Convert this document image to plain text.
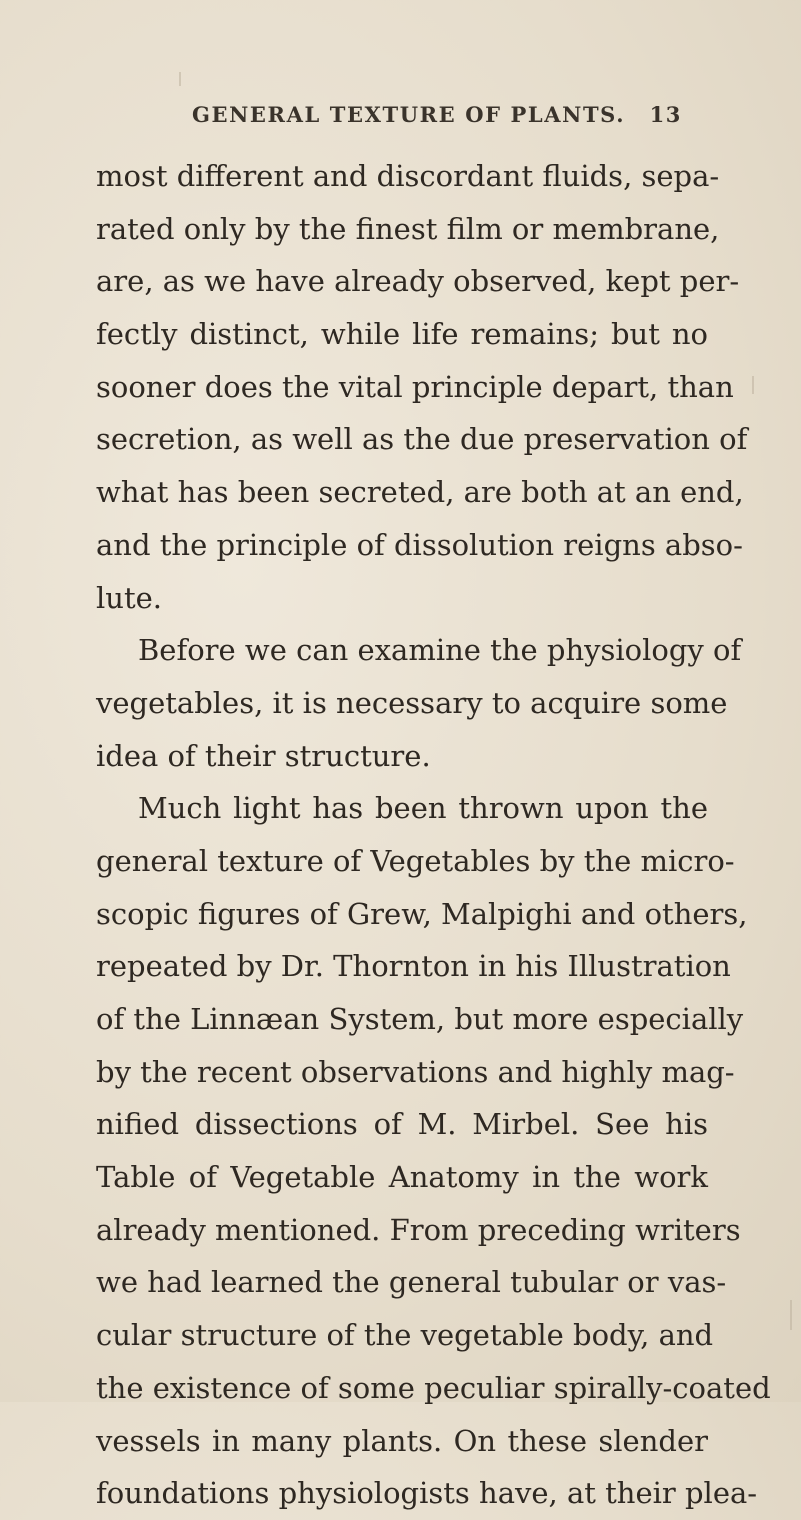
GENERAL TEXTURE OF PLANTS. 13
most different and discordant fluids, sepa-
rated only by the finest film or membrane,
are, as we have already observed, kept per-
fectly distinct, while life remains; but no
sooner does the vital principle depart, than
secretion, as well as the due preservation of
what has been secreted, are both at an end,
and the principle of dissolution reigns abso-
lute.
Before we can examine the physiology of
vegetables, it is necessary to acquire some
idea of their structure.
Much light has been thrown upon the
general texture of Vegetables by the micro-
scopic figures of Grew, Malpighi and others,
repeated by Dr. Thornton in his Illustration
of the Linnæan System, but more especially
by the recent observations and highly mag-
nified dissections of M. Mirbel. See his
Table of Vegetable Anatomy in the work
already mentioned. From preceding writers
we had learned the general tubular or vas-
cular structure of the vegetable body, and
the existence of some peculiar spirally-coated
vessels in many plants. On these slender
foundations physiologists have, at their plea-
